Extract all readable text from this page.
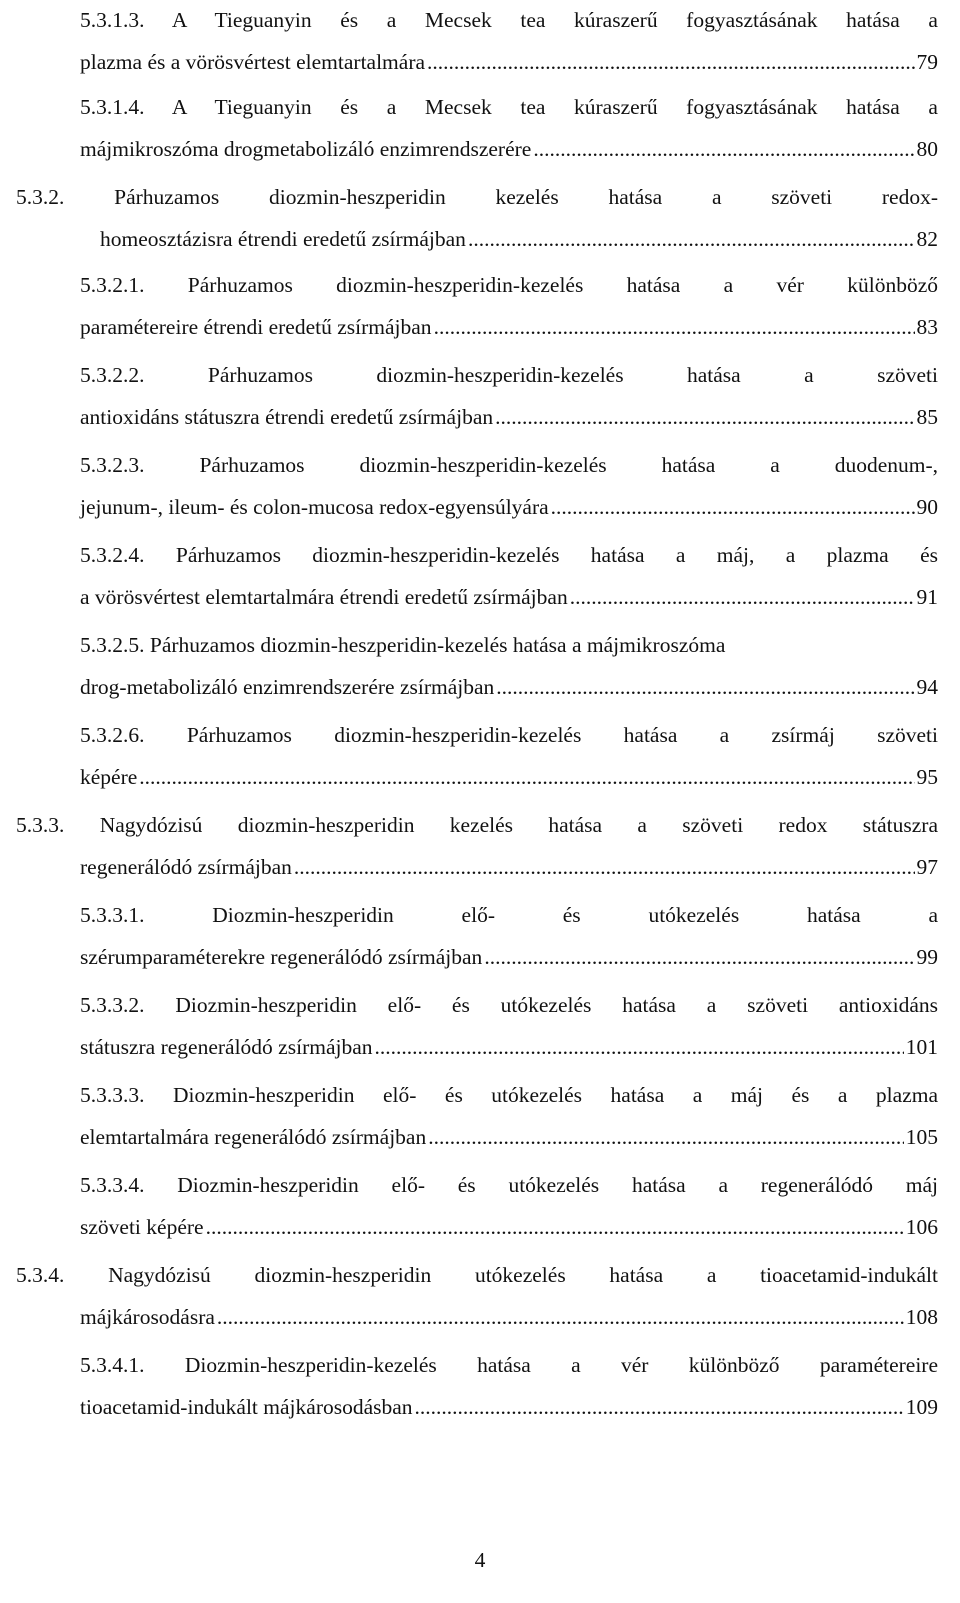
5.3.1.3. A Tieguanyin és a Mecsek tea kúraszerű fogyasztásának hatása a
plazma és a vörösvértest elemtartalmára .....	79
5.3.1.4. A Tieguanyin és a Mecsek tea kúraszerű fogyasztásának hatása a
májmikroszóma drogmetabolizáló enzimrendszerére .....	80
5.3.2. Párhuzamos diozmin-heszperidin kezelés hatása a szöveti redox-
homeosztázisra étrendi eredetű zsírmájban .....	82
5.3.2.1. Párhuzamos diozmin-heszperidin-kezelés hatása a vér különböző
paramétereire étrendi eredetű zsírmájban .....	83
5.3.2.2.	Párhuzamos diozmin-heszperidin-kezelés hatása a szöveti
antioxidáns státuszra étrendi eredetű zsírmájban .....	85
5.3.2.3.	Párhuzamos diozmin-heszperidin-kezelés hatása a duodenum-,
jejunum-, ileum- és colon-mucosa redox-egyensúlyára .....	90
5.3.2.4. Párhuzamos diozmin-heszperidin-kezelés hatása a máj, a plazma és
a vörösvértest elemtartalmára étrendi eredetű zsírmájban .....	91
5.3.2.5. Párhuzamos diozmin-heszperidin-kezelés hatása a májmikroszóma
drog-metabolizáló enzimrendszerére zsírmájban .....	94
5.3.2.6. Párhuzamos diozmin-heszperidin-kezelés hatása a zsírmáj szöveti
képére .....	95
5.3.3. Nagydózisú diozmin-heszperidin kezelés hatása a szöveti redox státuszra
regenerálódó zsírmájban .....	97
5.3.3.1.	Diozmin-heszperidin elő- és utókezelés hatása a
szérumparaméterekre regenerálódó zsírmájban .....	99
5.3.3.2. Diozmin-heszperidin elő- és utókezelés hatása a szöveti antioxidáns
státuszra regenerálódó zsírmájban .....	101
5.3.3.3. Diozmin-heszperidin elő- és utókezelés hatása a máj és a plazma
elemtartalmára regenerálódó zsírmájban .....	105
5.3.3.4. Diozmin-heszperidin elő- és utókezelés hatása a regenerálódó máj
szöveti képére .....	106
5.3.4. Nagydózisú diozmin-heszperidin utókezelés hatása a tioacetamid-indukált
májkárosodásra .....	108
5.3.4.1. Diozmin-heszperidin-kezelés hatása a vér különböző paramétereire
tioacetamid-indukált májkárosodásban .....	109
4
